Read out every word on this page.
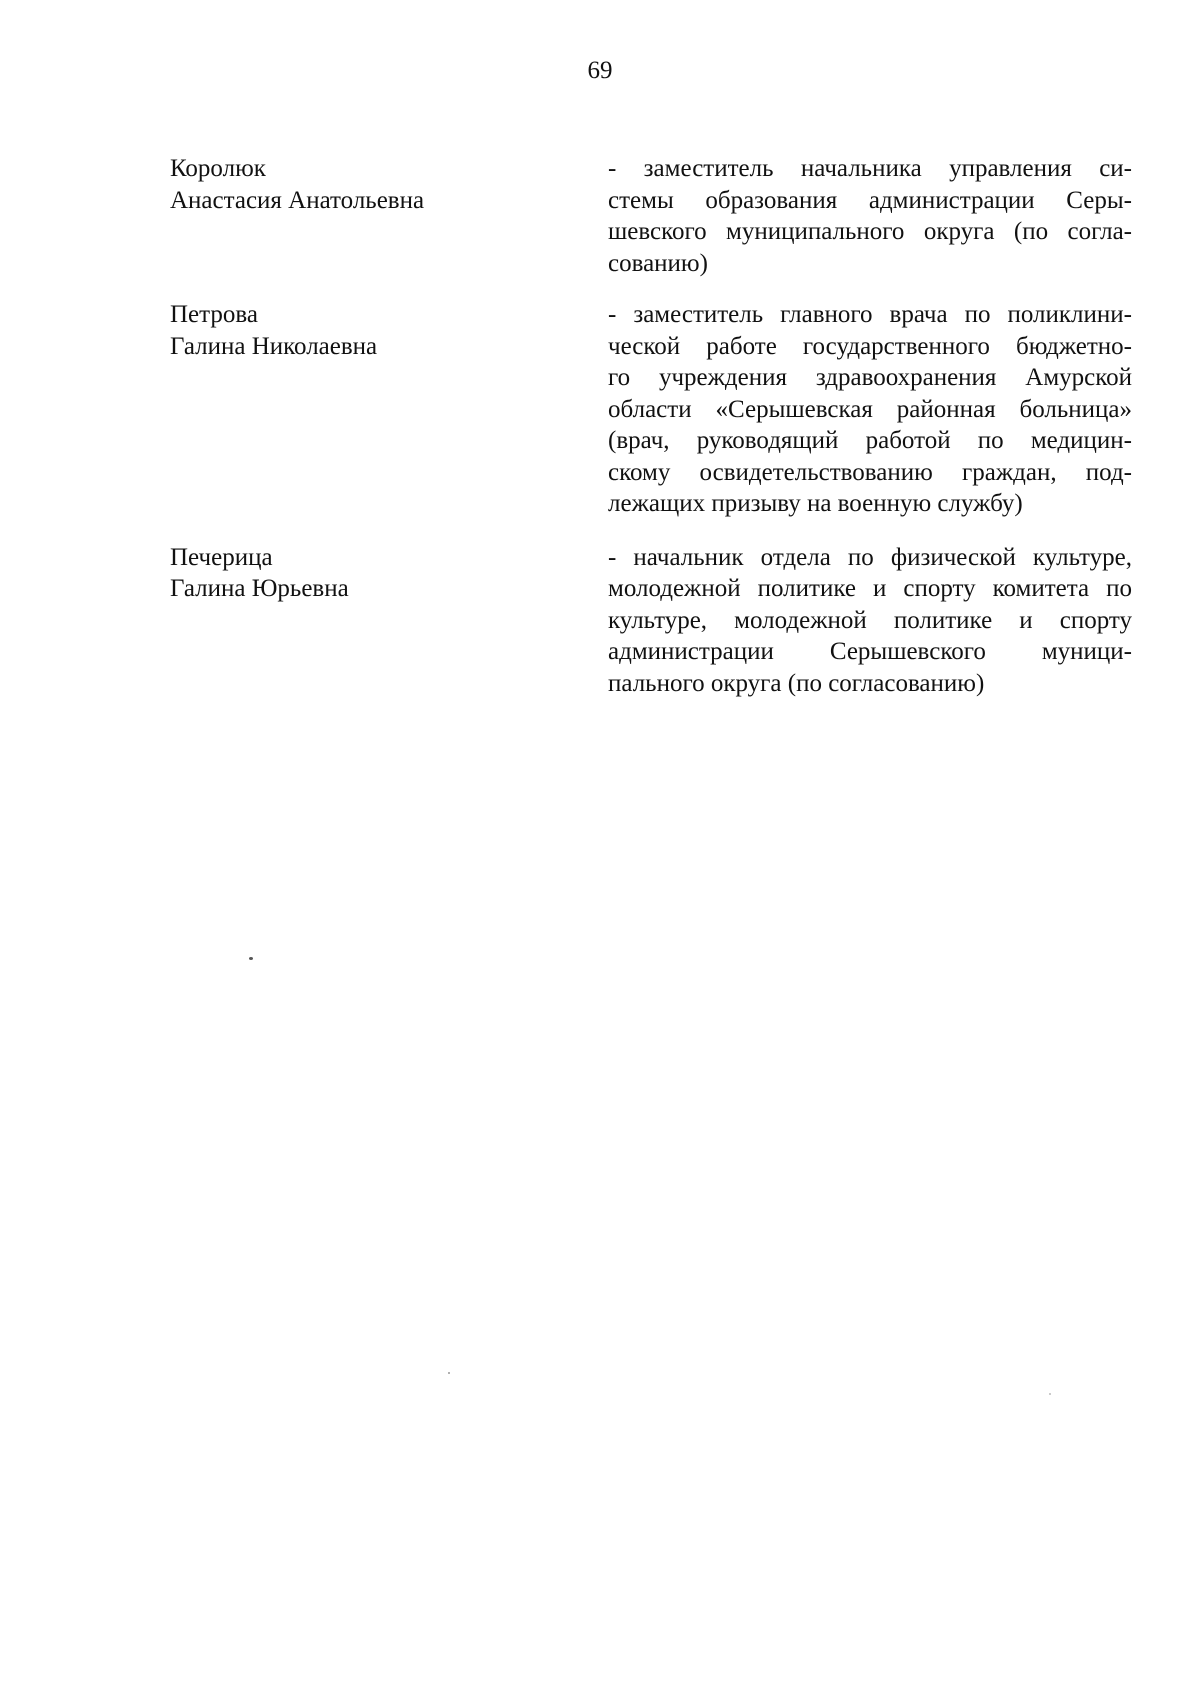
69
Королюк
Анастасия Анатольевна
- заместитель начальника управления си-
стемы образования администрации Серы-
шевского муниципального округа (по согла-
сованию)
Петрова
Галина Николаевна
- заместитель главного врача по поликлини-
ческой работе государственного бюджетно-
го учреждения здравоохранения Амурской
области «Серышевская районная больница»
(врач, руководящий работой по медицин-
скому освидетельствованию граждан, под-
лежащих призыву на военную службу)
Печерица
Галина Юрьевна
- начальник отдела по физической культуре,
молодежной политике и спорту комитета по
культуре, молодежной политике и спорту
администрации Серышевского муници-
пального округа (по согласованию)
